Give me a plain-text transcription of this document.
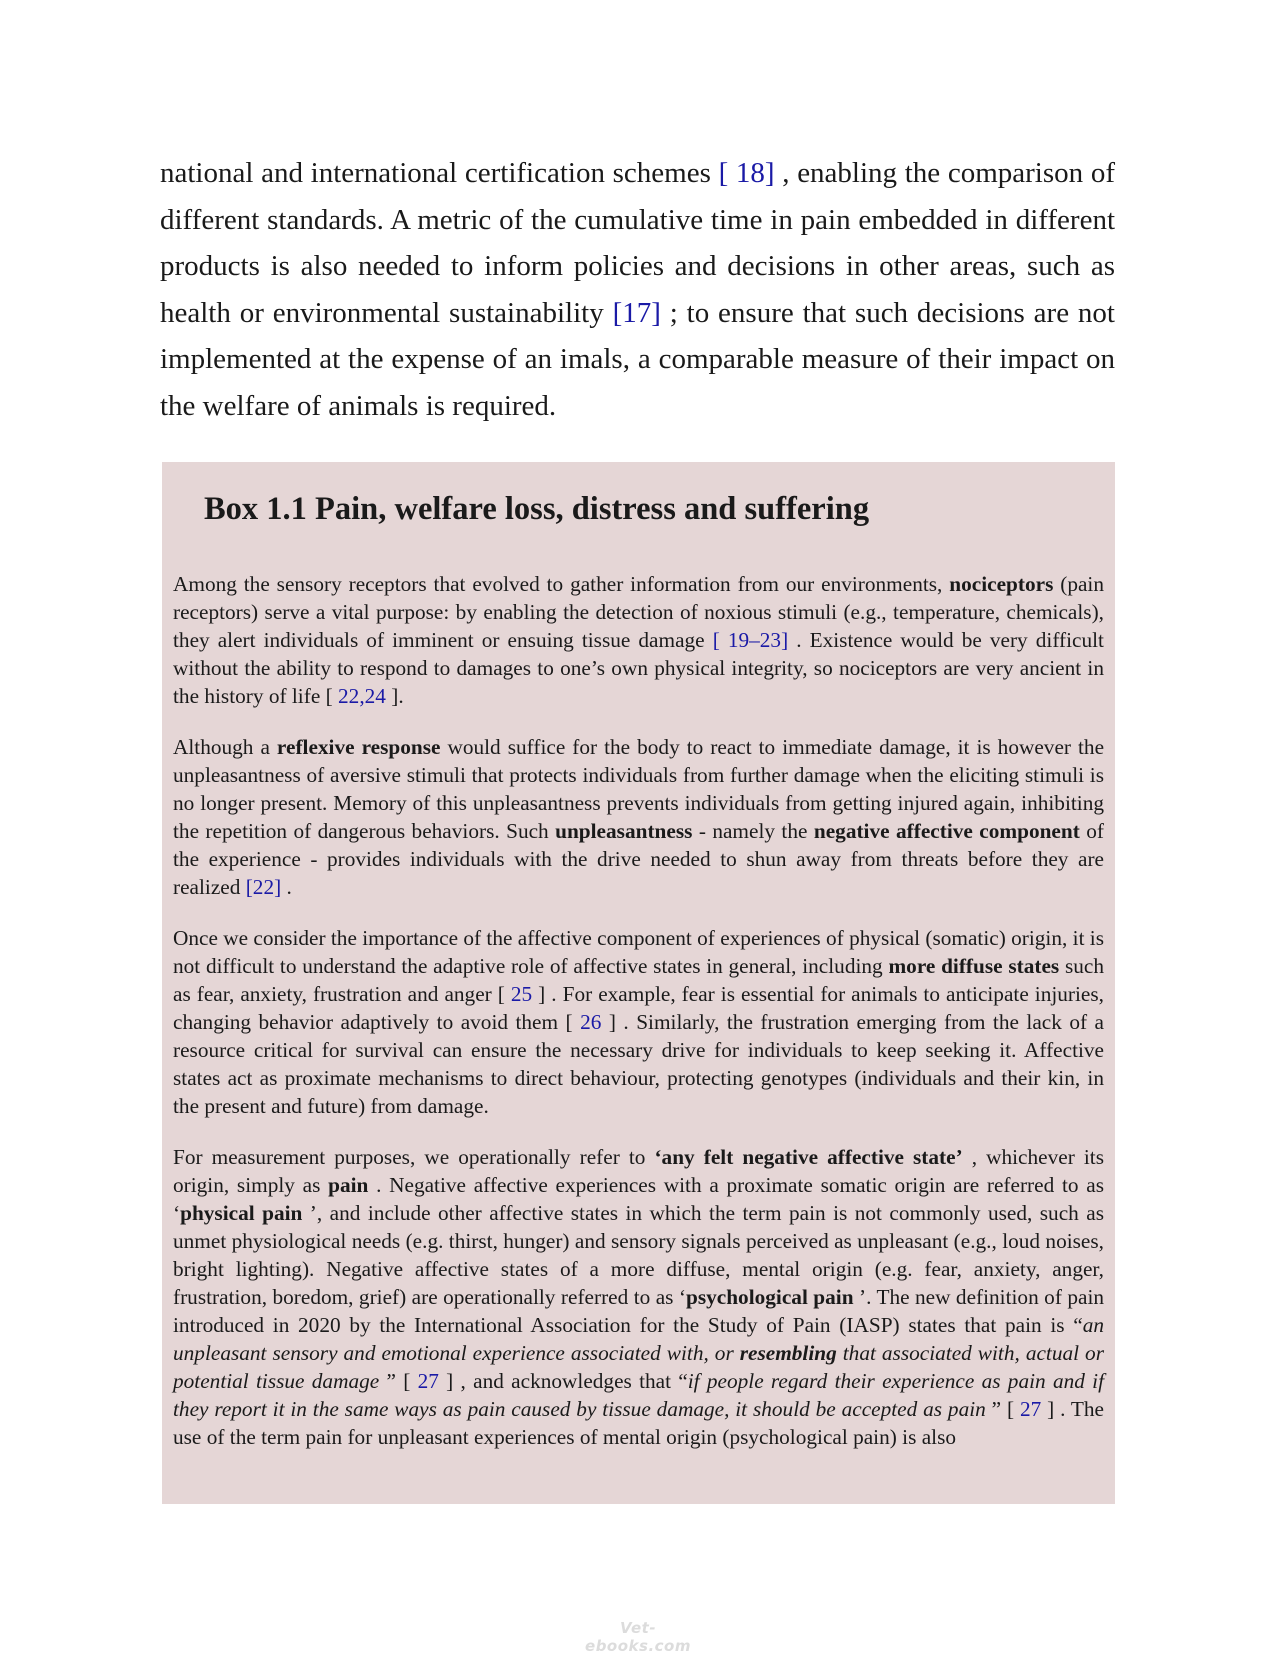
national and international certification schemes [ 18] , enabling the comparison of different standards. A metric of the cumulative time in pain embedded in different products is also needed to inform policies and decisions in other areas, such as health or environmental sustainability [17] ; to ensure that such decisions are not implemented at the expense of an imals, a comparable measure of their impact on the welfare of animals is required.

Box 1.1 Pain, welfare loss, distress and suffering

Among the sensory receptors that evolved to gather information from our environments, nociceptors (pain receptors) serve a vital purpose: by enabling the detection of noxious stimuli (e.g., temperature, chemicals), they alert individuals of imminent or ensuing tissue damage [ 19–23] . Existence would be very difficult without the ability to respond to damages to one’s own physical integrity, so nociceptors are very ancient in the history of life [ 22,24 ].

Although a reflexive response would suffice for the body to react to immediate damage, it is however the unpleasantness of aversive stimuli that protects individuals from further damage when the eliciting stimuli is no longer present. Memory of this unpleasantness prevents individuals from getting injured again, inhibiting the repetition of dangerous behaviors. Such unpleasantness - namely the negative affective component of the experience - provides individuals with the drive needed to shun away from threats before they are realized [22] .

Once we consider the importance of the affective component of experiences of physical (somatic) origin, it is not difficult to understand the adaptive role of affective states in general, including more diffuse states such as fear, anxiety, frustration and anger [ 25 ] . For example, fear is essential for animals to anticipate injuries, changing behavior adaptively to avoid them [ 26 ] . Similarly, the frustration emerging from the lack of a resource critical for survival can ensure the necessary drive for individuals to keep seeking it. Affective states act as proximate mechanisms to direct behaviour, protecting genotypes (individuals and their kin, in the present and future) from damage.

For measurement purposes, we operationally refer to ‘any felt negative affective state’ , whichever its origin, simply as pain . Negative affective experiences with a proximate somatic origin are referred to as ‘physical pain ’, and include other affective states in which the term pain is not commonly used, such as unmet physiological needs (e.g. thirst, hunger) and sensory signals perceived as unpleasant (e.g., loud noises, bright lighting). Negative affective states of a more diffuse, mental origin (e.g. fear, anxiety, anger, frustration, boredom, grief) are operationally referred to as ‘psychological pain ’. The new definition of pain introduced in 2020 by the International Association for the Study of Pain (IASP) states that pain is “an unpleasant sensory and emotional experience associated with, or resembling that associated with, actual or potential tissue damage ” [ 27 ] , and acknowledges that “if people regard their experience as pain and if they report it in the same ways as pain caused by tissue damage, it should be accepted as pain ” [ 27 ] . The use of the term pain for unpleasant experiences of mental origin (psychological pain) is also

Vet-ebooks.com
